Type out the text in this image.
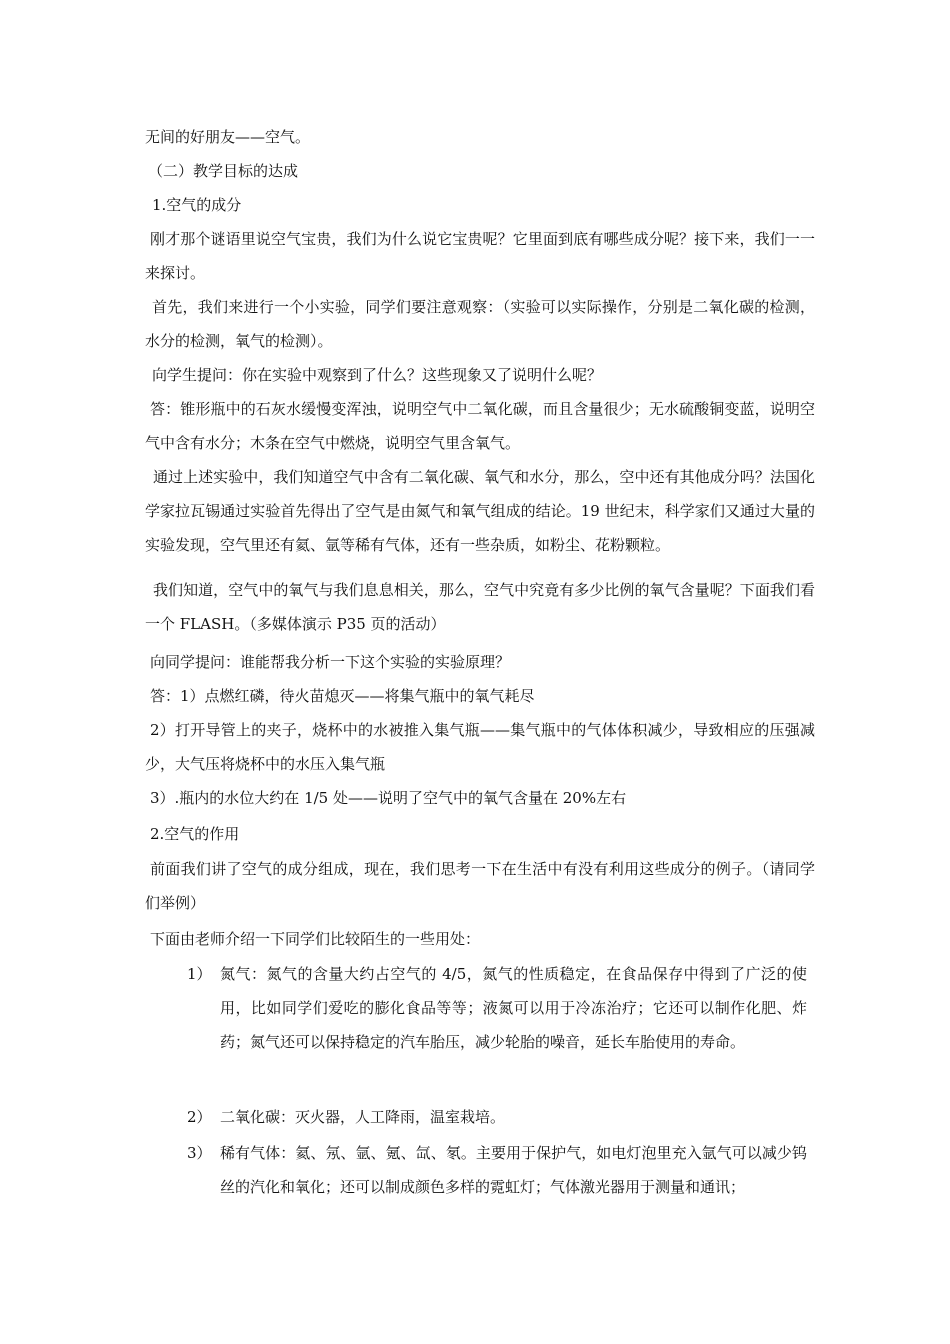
无间的好朋友——空气。
（二）教学目标的达成
1.空气的成分
刚才那个谜语里说空气宝贵，我们为什么说它宝贵呢？它里面到底有哪些成分呢？接下来，我们一一来探讨。
首先，我们来进行一个小实验，同学们要注意观察：（实验可以实际操作，分别是二氧化碳的检测，水分的检测，氧气的检测）。
向学生提问：你在实验中观察到了什么？这些现象又了说明什么呢？
答：锥形瓶中的石灰水缓慢变浑浊，说明空气中二氧化碳，而且含量很少；无水硫酸铜变蓝，说明空气中含有水分；木条在空气中燃烧，说明空气里含氧气。
通过上述实验中，我们知道空气中含有二氧化碳、氧气和水分，那么，空中还有其他成分吗？法国化学家拉瓦锡通过实验首先得出了空气是由氮气和氧气组成的结论。19 世纪末，科学家们又通过大量的实验发现，空气里还有氦、氩等稀有气体，还有一些杂质，如粉尘、花粉颗粒。
我们知道，空气中的氧气与我们息息相关，那么，空气中究竟有多少比例的氧气含量呢？下面我们看一个 FLASH。（多媒体演示 P35 页的活动）
向同学提问：谁能帮我分析一下这个实验的实验原理？
答：1）点燃红磷，待火苗熄灭——将集气瓶中的氧气耗尽
2）打开导管上的夹子，烧杯中的水被推入集气瓶——集气瓶中的气体体积减少，导致相应的压强减少，大气压将烧杯中的水压入集气瓶
3）.瓶内的水位大约在 1/5 处——说明了空气中的氧气含量在 20%左右
2.空气的作用
前面我们讲了空气的成分组成，现在，我们思考一下在生活中有没有利用这些成分的例子。（请同学们举例）
下面由老师介绍一下同学们比较陌生的一些用处：
1） 氮气：氮气的含量大约占空气的 4/5，氮气的性质稳定，在食品保存中得到了广泛的使用，比如同学们爱吃的膨化食品等等；液氮可以用于冷冻治疗；它还可以制作化肥、炸药；氮气还可以保持稳定的汽车胎压，减少轮胎的噪音，延长车胎使用的寿命。
2） 二氧化碳：灭火器，人工降雨，温室栽培。
3） 稀有气体：氦、氖、氩、氪、氙、氡。主要用于保护气，如电灯泡里充入氩气可以减少钨丝的汽化和氧化；还可以制成颜色多样的霓虹灯；气体激光器用于测量和通讯；
